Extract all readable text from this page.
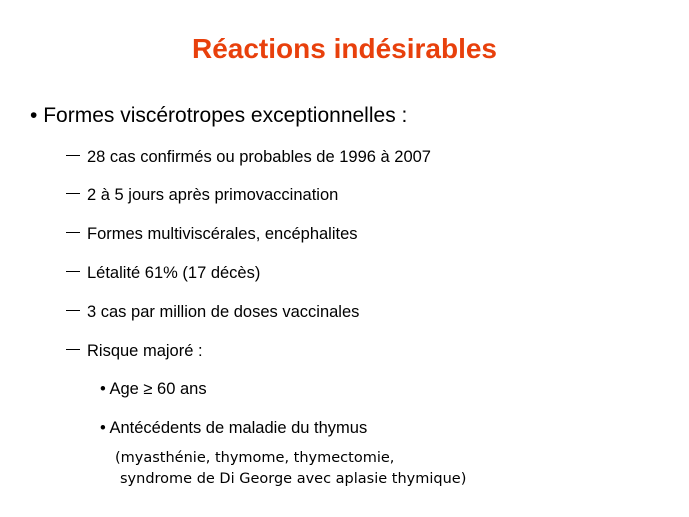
Réactions indésirables
• Formes viscérotropes exceptionnelles :
28 cas confirmés ou probables de 1996 à 2007
2 à 5 jours après primovaccination
Formes multiviscérales, encéphalites
Létalité 61% (17 décès)
3 cas par million de doses vaccinales
Risque majoré :
• Age ≥ 60 ans
• Antécédents de maladie du thymus
(myasthénie, thymome, thymectomie,
syndrome de Di George avec aplasie thymique)
